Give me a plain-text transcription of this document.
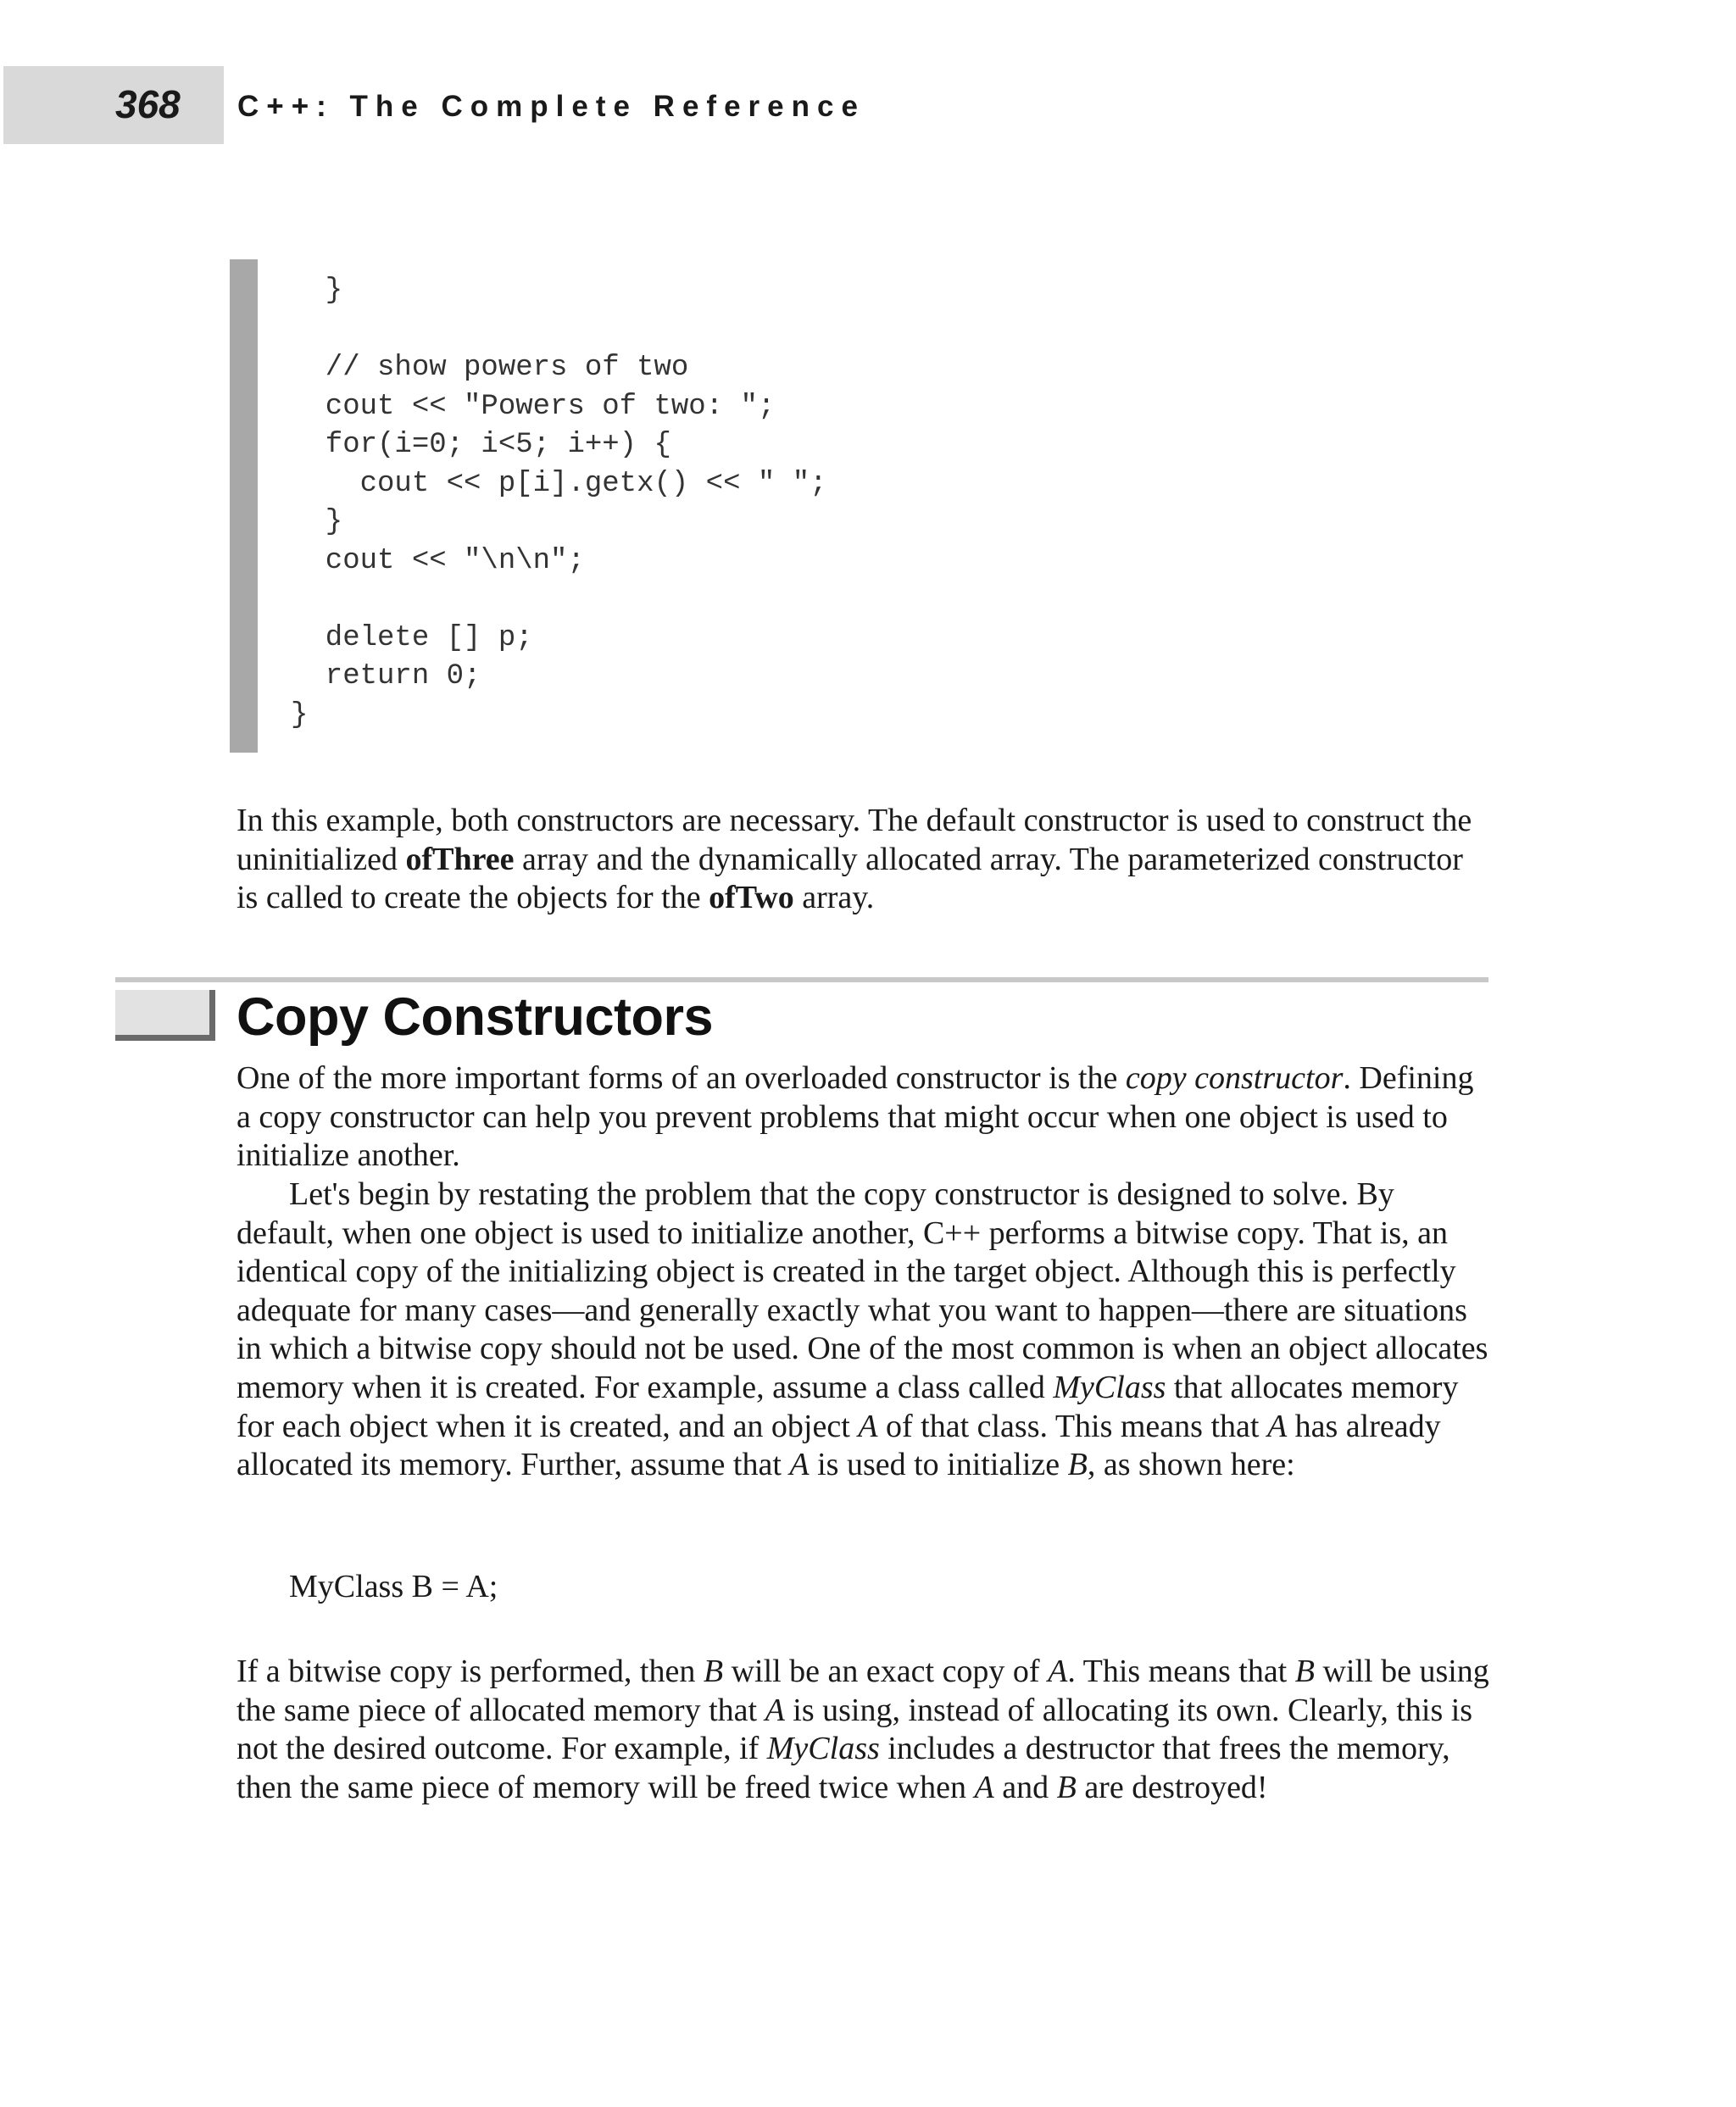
368 C++: The Complete Reference
}
// show powers of two
cout << "Powers of two: ";
for(i=0; i<5; i++) {
cout << p[i].getx() << " ";
}
cout << "\n\n";
delete [] p;
return 0;
}

In this example, both constructors are necessary. The default constructor is used to construct the uninitialized ofThree array and the dynamically allocated array. The parameterized constructor is called to create the objects for the ofTwo array.

Copy Constructors

One of the more important forms of an overloaded constructor is the copy constructor. Defining a copy constructor can help you prevent problems that might occur when one object is used to initialize another.

Let's begin by restating the problem that the copy constructor is designed to solve. By default, when one object is used to initialize another, C++ performs a bitwise copy. That is, an identical copy of the initializing object is created in the target object. Although this is perfectly adequate for many cases—and generally exactly what you want to happen—there are situations in which a bitwise copy should not be used. One of the most common is when an object allocates memory when it is created. For example, assume a class called MyClass that allocates memory for each object when it is created, and an object A of that class. This means that A has already allocated its memory. Further, assume that A is used to initialize B, as shown here:

MyClass B = A;

If a bitwise copy is performed, then B will be an exact copy of A. This means that B will be using the same piece of allocated memory that A is using, instead of allocating its own. Clearly, this is not the desired outcome. For example, if MyClass includes a destructor that frees the memory, then the same piece of memory will be freed twice when A and B are destroyed!
